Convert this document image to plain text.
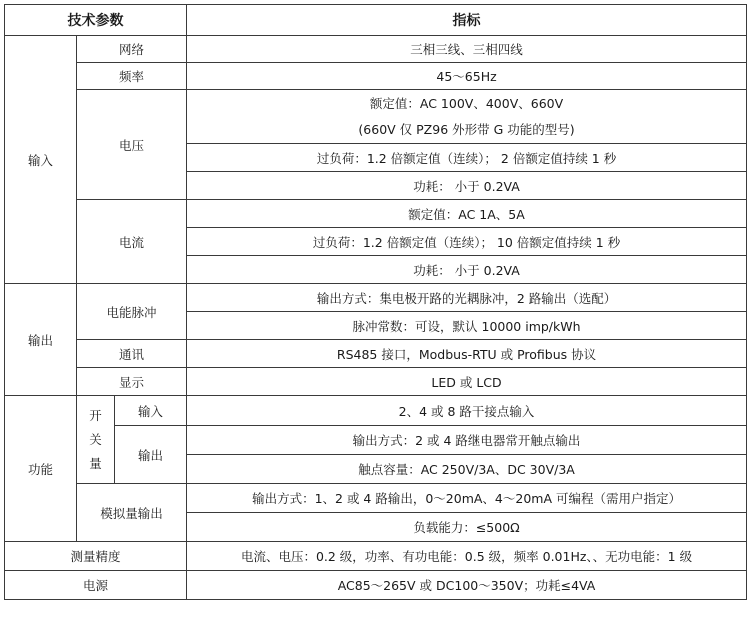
技术参数			指标
输入	网络		三相三线、三相四线
	频率		45～65Hz
	电压		额定值：AC 100V、400V、660V
(660V 仅 PZ96 外形带 G 功能的型号)

			过负荷：1.2 倍额定值（连续）； 2 倍额定值持续 1 秒
			功耗： 小于 0.2VA
	电流		额定值：AC 1A、5A
			过负荷：1.2 倍额定值（连续）； 10 倍额定值持续 1 秒
			功耗： 小于 0.2VA
输出	电能脉冲		输出方式：集电极开路的光耦脉冲，2 路输出（选配）
			脉冲常数：可设，默认 10000 imp/kWh
	通讯		RS485 接口，Modbus-RTU 或 Profibus 协议
	显示		LED 或 LCD
功能	开关量	输入	2、4 或 8 路干接点输入
		输出	输出方式：2 或 4 路继电器常开触点输出
			触点容量：AC 250V/3A、DC 30V/3A
	模拟量输出		输出方式：1、2 或 4 路输出，0～20mA、4～20mA 可编程（需用户指定）
			负载能力：≤500Ω
测量精度			电流、电压：0.2 级，功率、有功电能：0.5 级，频率 0.01Hz、、无功电能：1 级
电源			AC85～265V 或 DC100～350V；功耗≤4VA
